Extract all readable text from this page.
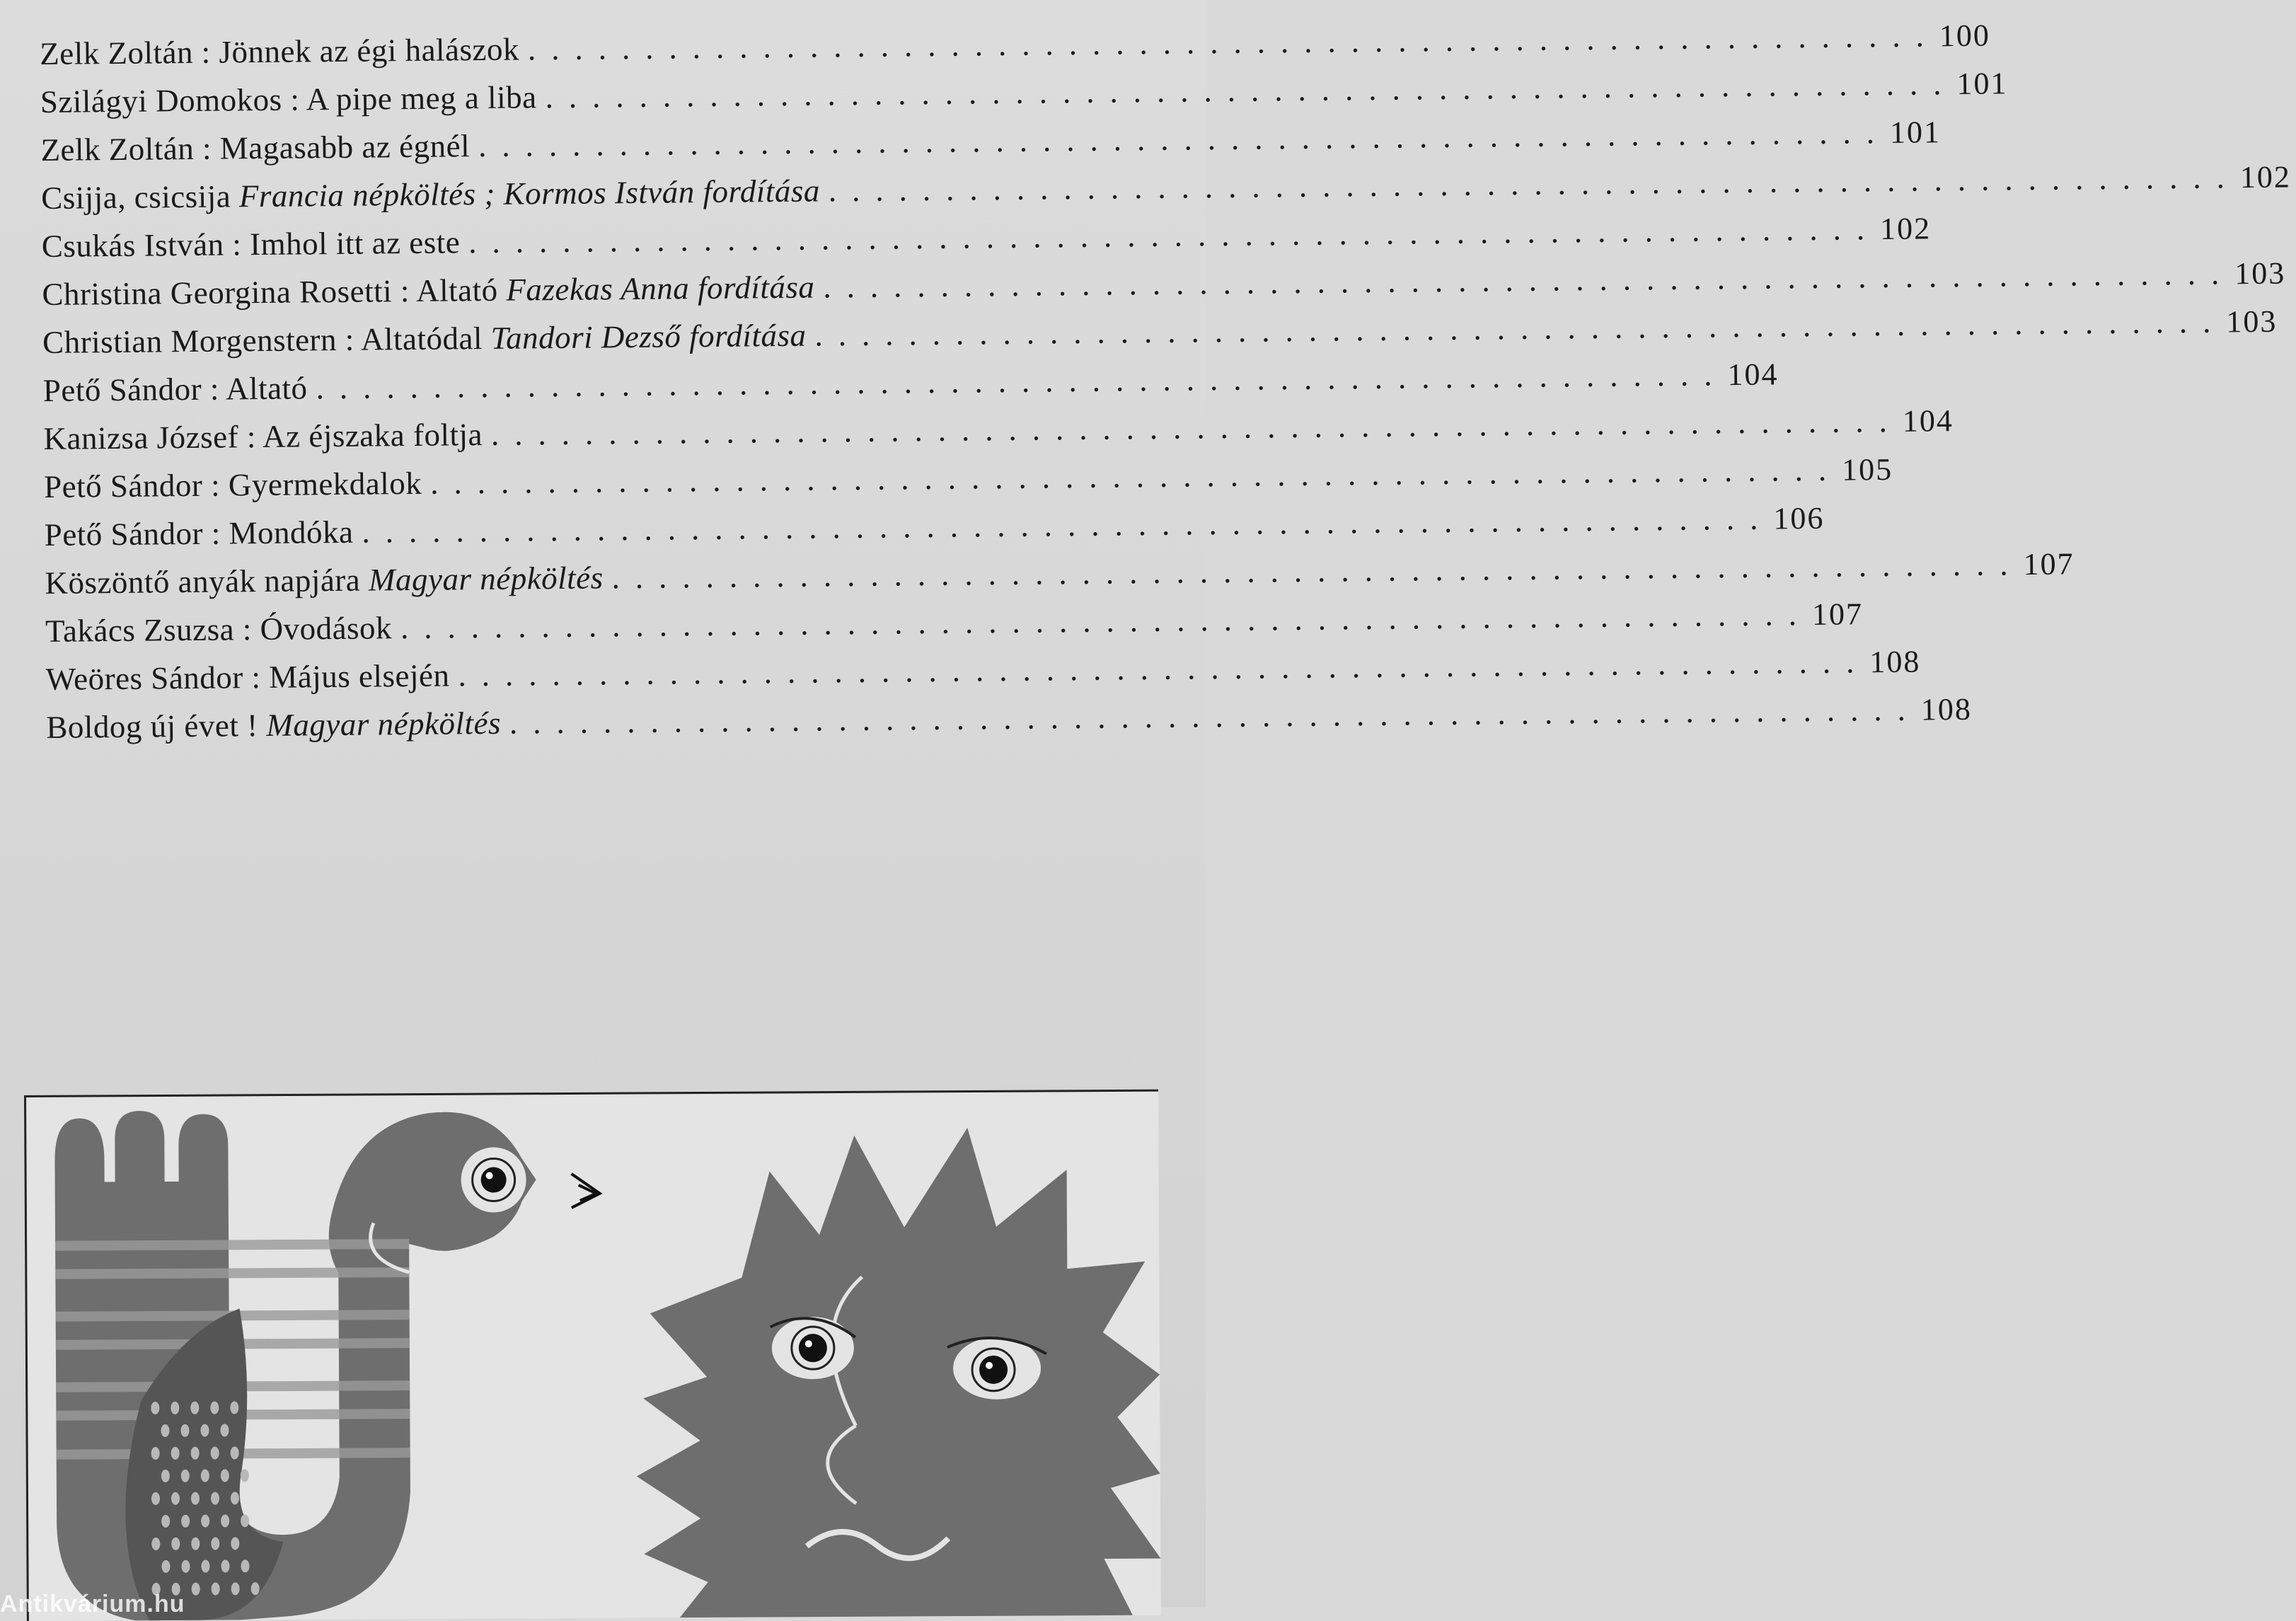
Zelk Zoltán : Jönnek az égi halászok ............................................................ 100
Szilágyi Domokos : A pipe meg a liba ............................................................ 101
Zelk Zoltán : Magasabb az égnél ............................................................ 101
Csijja, csicsija Francia népköltés ; Kormos István fordítása ............................................................ 102
Csukás István : Imhol itt az este ............................................................ 102
Christina Georgina Rosetti : Altató Fazekas Anna fordítása ............................................................ 103
Christian Morgenstern : Altatódal Tandori Dezső fordítása ............................................................ 103
Pető Sándor : Altató ............................................................ 104
Kanizsa József : Az éjszaka foltja ............................................................ 104
Pető Sándor : Gyermekdalok ............................................................ 105
Pető Sándor : Mondóka ............................................................ 106
Köszöntő anyák napjára Magyar népköltés ............................................................ 107
Takács Zsuzsa : Óvodások ............................................................ 107
Weöres Sándor : Május elsején ............................................................ 108
Boldog új évet ! Magyar népköltés ............................................................ 108
Antikvárium.hu
